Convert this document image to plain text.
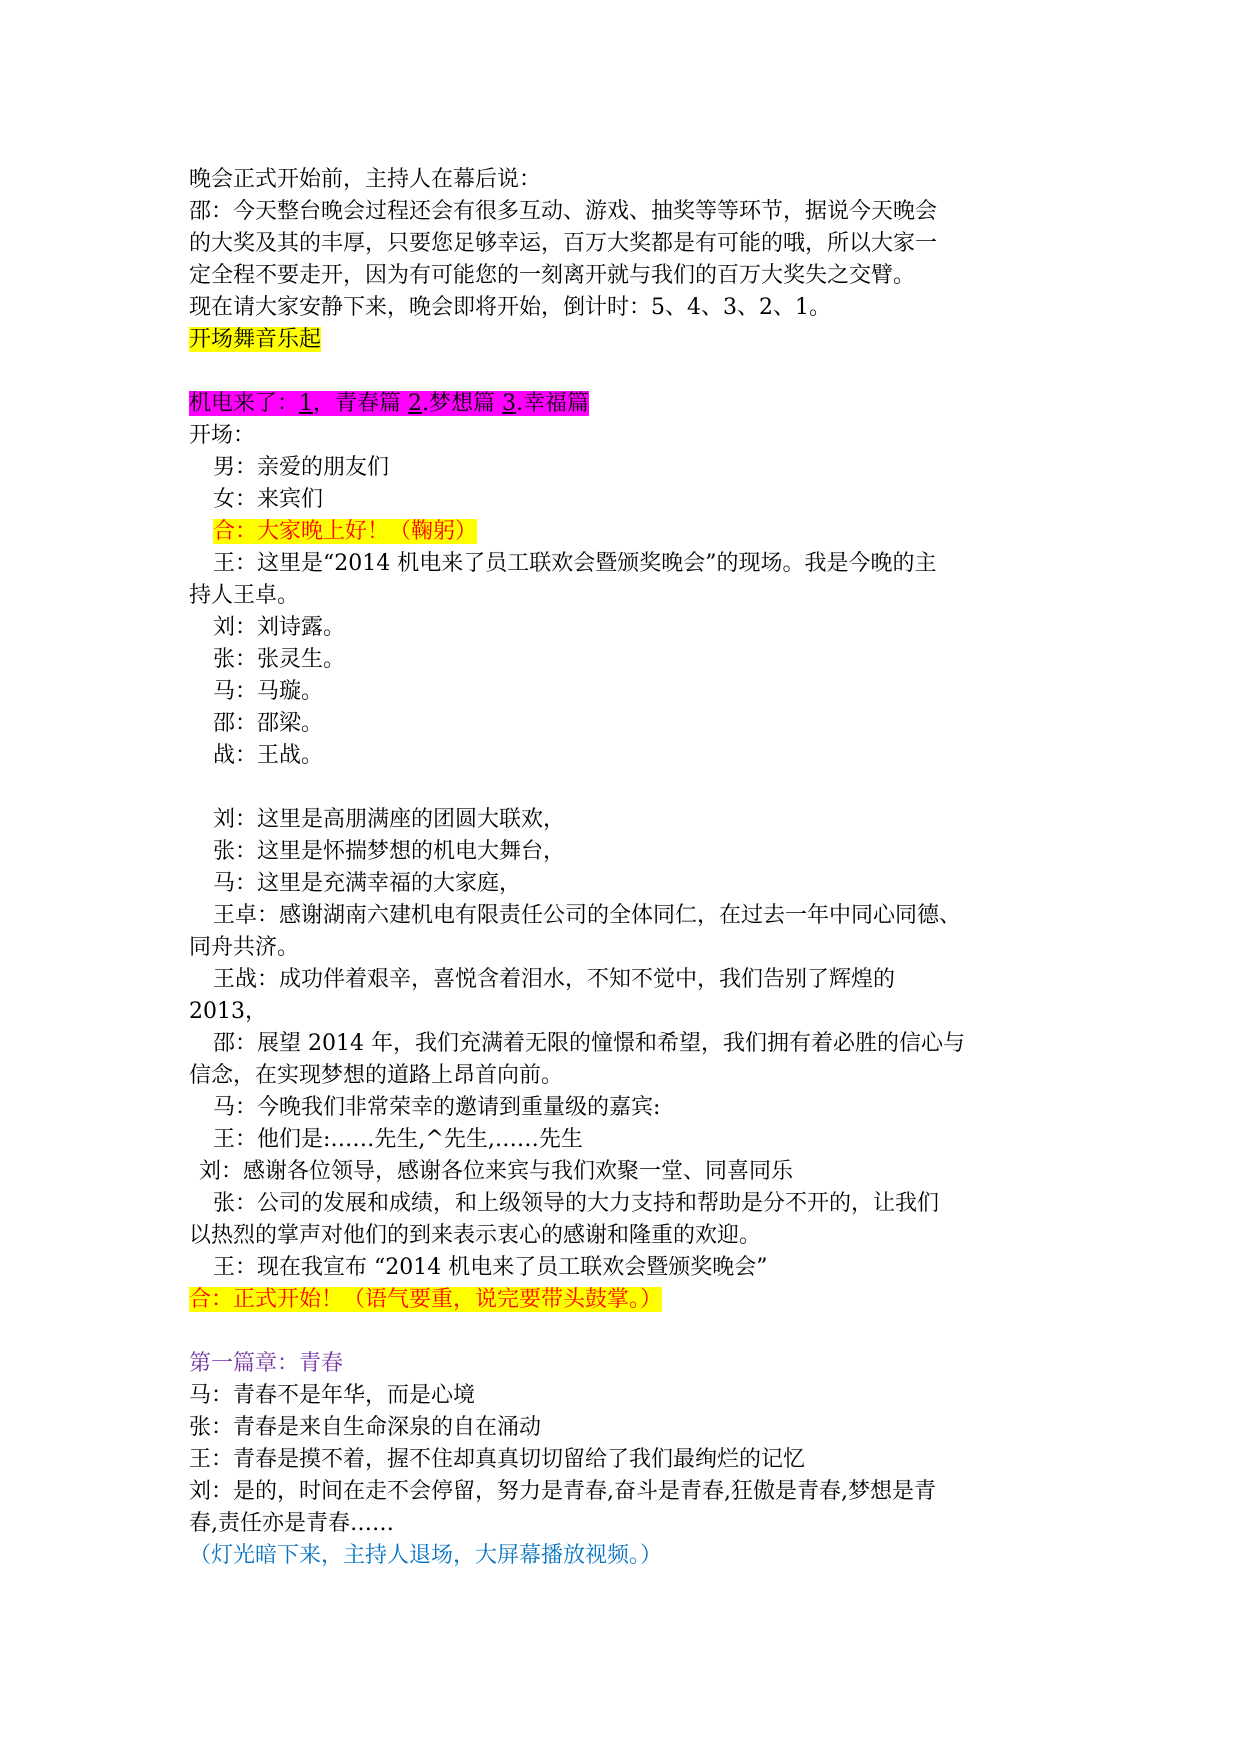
晚会正式开始前，主持人在幕后说：
邵：今天整台晚会过程还会有很多互动、游戏、抽奖等等环节，据说今天晚会
的大奖及其的丰厚，只要您足够幸运，百万大奖都是有可能的哦，所以大家一
定全程不要走开，因为有可能您的一刻离开就与我们的百万大奖失之交臂。
现在请大家安静下来，晚会即将开始，倒计时：5、4、3、2、1。
开场舞音乐起
机电来了：1，青春篇 2.梦想篇 3.幸福篇
开场：
男：亲爱的朋友们
女：来宾们
合：大家晚上好！（鞠躬）
王：这里是“2014 机电来了员工联欢会暨颁奖晚会”的现场。我是今晚的主
持人王卓。
刘：刘诗露。
张：张灵生。
马：马璇。
邵：邵梁。
战：王战。
刘：这里是高朋满座的团圆大联欢，
张：这里是怀揣梦想的机电大舞台，
马：这里是充满幸福的大家庭，
王卓：感谢湖南六建机电有限责任公司的全体同仁，在过去一年中同心同德、
同舟共济。
王战：成功伴着艰辛，喜悦含着泪水，不知不觉中，我们告别了辉煌的
2013，
邵：展望 2014 年，我们充满着无限的憧憬和希望，我们拥有着必胜的信心与
信念，在实现梦想的道路上昂首向前。
马：今晚我们非常荣幸的邀请到重量级的嘉宾:
王：他们是:……先生,^先生,……先生
刘：感谢各位领导，感谢各位来宾与我们欢聚一堂、同喜同乐
张：公司的发展和成绩，和上级领导的大力支持和帮助是分不开的，让我们
以热烈的掌声对他们的到来表示衷心的感谢和隆重的欢迎。
王：现在我宣布 “2014 机电来了员工联欢会暨颁奖晚会”
合：正式开始！（语气要重，说完要带头鼓掌。）
第一篇章：青春
马：青春不是年华，而是心境
张：青春是来自生命深泉的自在涌动
王：青春是摸不着，握不住却真真切切留给了我们最绚烂的记忆
刘：是的，时间在走不会停留，努力是青春,奋斗是青春,狂傲是青春,梦想是青
春,责任亦是青春……
（灯光暗下来，主持人退场，大屏幕播放视频。）
